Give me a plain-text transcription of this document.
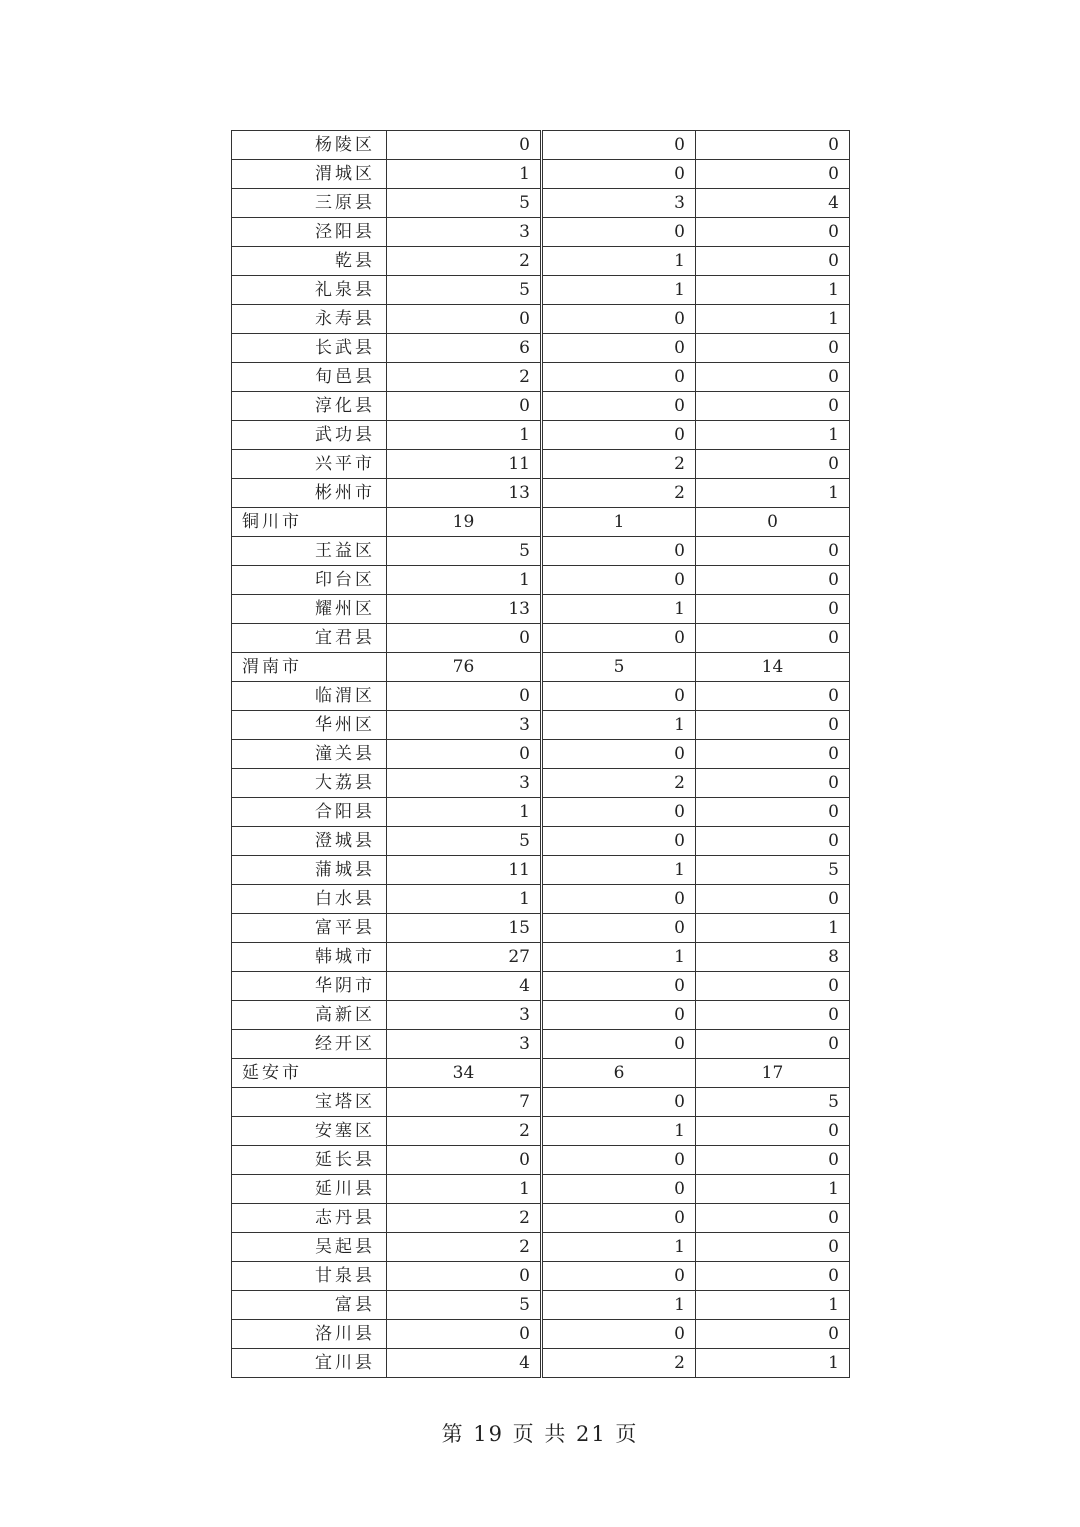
杨陵区	0	0	0
渭城区	1	0	0
三原县	5	3	4
泾阳县	3	0	0
乾县	2	1	0
礼泉县	5	1	1
永寿县	0	0	1
长武县	6	0	0
旬邑县	2	0	0
淳化县	0	0	0
武功县	1	0	1
兴平市	11	2	0
彬州市	13	2	1
铜川市	19	1	0
王益区	5	0	0
印台区	1	0	0
耀州区	13	1	0
宜君县	0	0	0
渭南市	76	5	14
临渭区	0	0	0
华州区	3	1	0
潼关县	0	0	0
大荔县	3	2	0
合阳县	1	0	0
澄城县	5	0	0
蒲城县	11	1	5
白水县	1	0	0
富平县	15	0	1
韩城市	27	1	8
华阴市	4	0	0
高新区	3	0	0
经开区	3	0	0
延安市	34	6	17
宝塔区	7	0	5
安塞区	2	1	0
延长县	0	0	0
延川县	1	0	1
志丹县	2	0	0
吴起县	2	1	0
甘泉县	0	0	0
富县	5	1	1
洛川县	0	0	0
宜川县	4	2	1
第 19 页 共 21 页
